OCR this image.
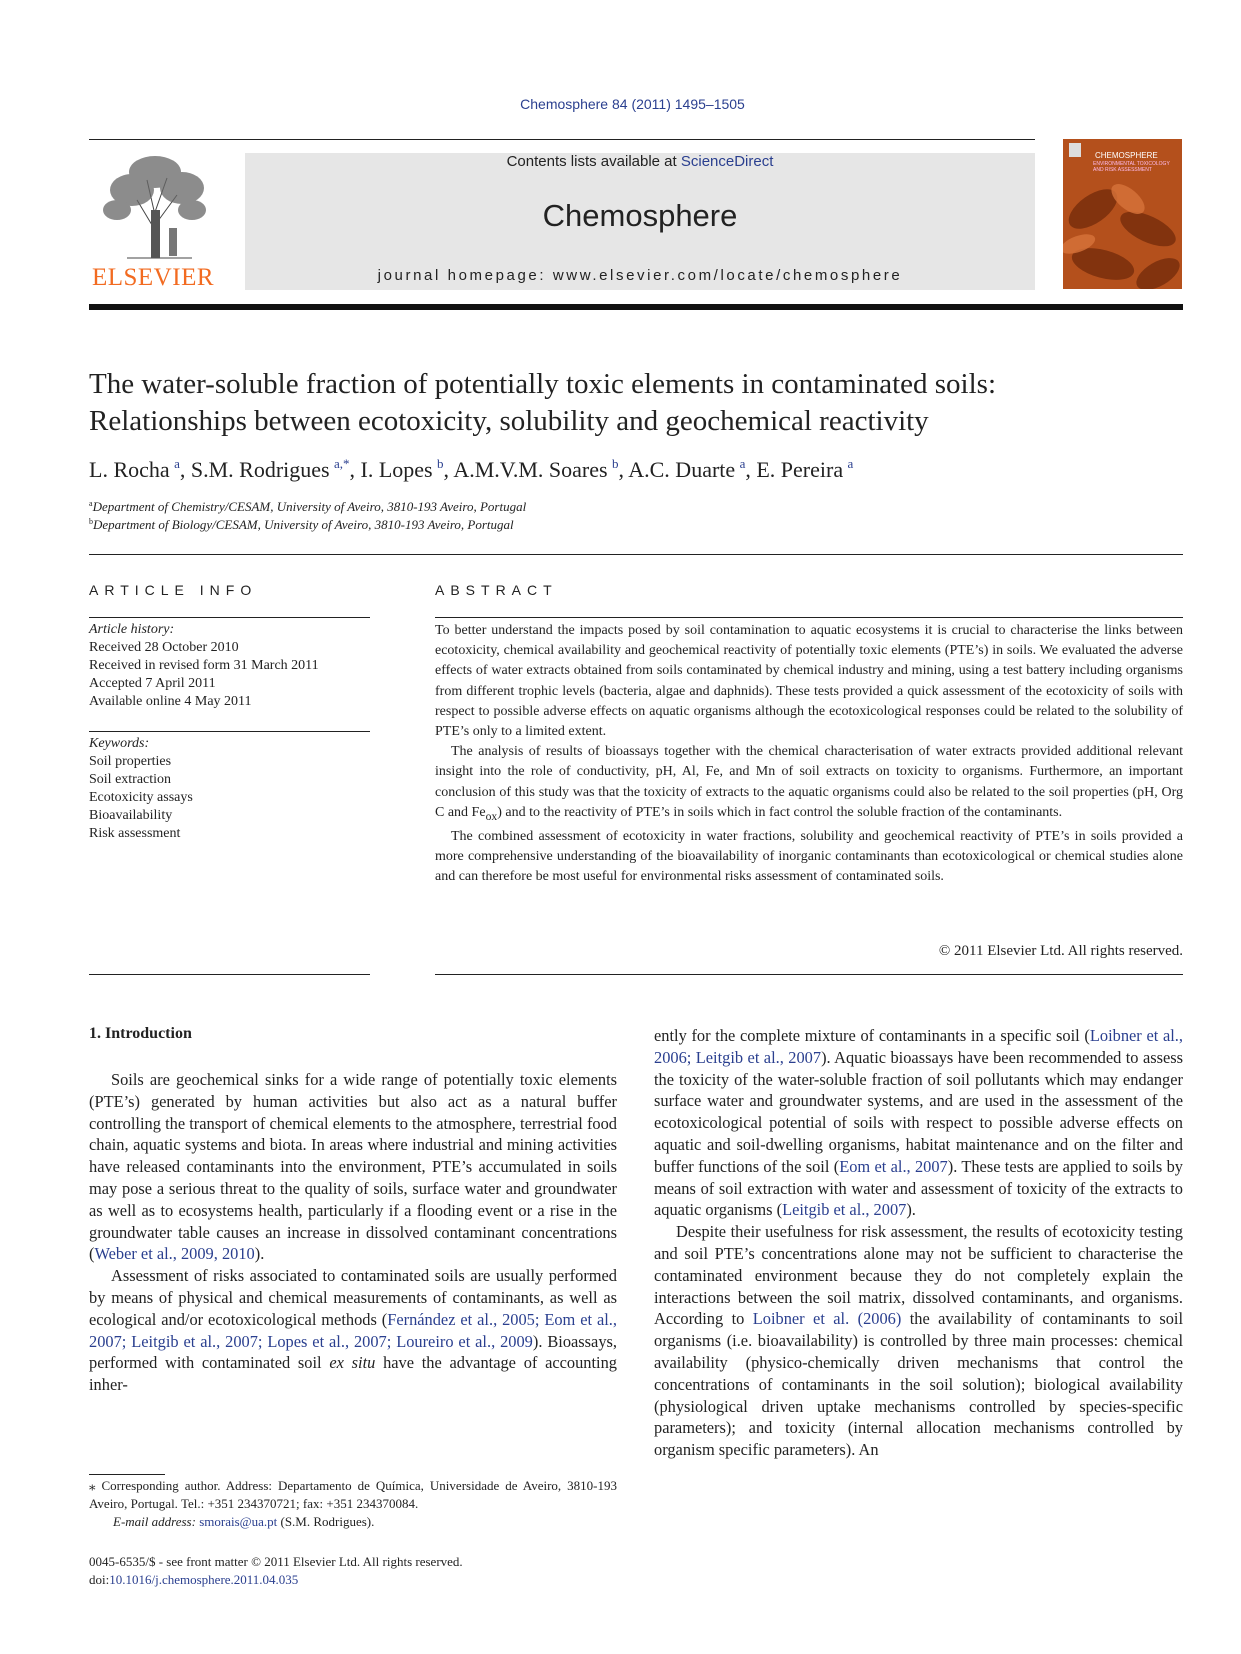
Chemosphere 84 (2011) 1495–1505
ELSEVIER
Contents lists available at ScienceDirect
Chemosphere
journal homepage: www.elsevier.com/locate/chemosphere
CHEMOSPHERE
ENVIRONMENTAL TOXICOLOGY AND RISK ASSESSMENT
The water-soluble fraction of potentially toxic elements in contaminated soils:
Relationships between ecotoxicity, solubility and geochemical reactivity
L. Rocha  $^a$, S.M. Rodrigues  $^{a,*}$, I. Lopes  $^b$, A.M.V.M. Soares  $^b$, A.C. Duarte  $^a$, E. Pereira  $^a$
$^a$Department of Chemistry/CESAM, University of Aveiro, 3810-193 Aveiro, Portugal
$^b$Department of Biology/CESAM, University of Aveiro, 3810-193 Aveiro, Portugal
ARTICLE INFO	ABSTRACT
Article history:
Received 28 October 2010
Received in revised form 31 March 2011
Accepted 7 April 2011
Available online 4 May 2011
Keywords:
Soil properties
Soil extraction
Ecotoxicity assays
Bioavailability
Risk assessment

To better understand the impacts posed by soil contamination to aquatic ecosystems it is crucial to characterise the links between ecotoxicity, chemical availability and geochemical reactivity of potentially toxic elements (PTE’s) in soils. We evaluated the adverse effects of water extracts obtained from soils contaminated by chemical industry and mining, using a test battery including organisms from different trophic levels (bacteria, algae and daphnids). These tests provided a quick assessment of the ecotoxicity of soils with respect to possible adverse effects on aquatic organisms although the ecotoxicological responses could be related to the solubility of PTE’s only to a limited extent.

The analysis of results of bioassays together with the chemical characterisation of water extracts provided additional relevant insight into the role of conductivity, pH, Al, Fe, and Mn of soil extracts on toxicity to organisms. Furthermore, an important conclusion of this study was that the toxicity of extracts to the aquatic organisms could also be related to the soil properties (pH, Org C and $Fe_{ox}$) and to the reactivity of PTE’s in soils which in fact control the soluble fraction of the contaminants.

The combined assessment of ecotoxicity in water fractions, solubility and geochemical reactivity of PTE’s in soils provided a more comprehensive understanding of the bioavailability of inorganic contaminants than ecotoxicological or chemical studies alone and can therefore be most useful for environmental risks assessment of contaminated soils.

© 2011 Elsevier Ltd. All rights reserved.
1. Introduction

Soils are geochemical sinks for a wide range of potentially toxic elements (PTE’s) generated by human activities but also act as a natural buffer controlling the transport of chemical elements to the atmosphere, terrestrial food chain, aquatic systems and biota. In areas where industrial and mining activities have released contaminants into the environment, PTE’s accumulated in soils may pose a serious threat to the quality of soils, surface water and groundwater as well as to ecosystems health, particularly if a flooding event or a rise in the groundwater table causes an increase in dissolved contaminant concentrations (Weber et al., 2009, 2010).

Assessment of risks associated to contaminated soils are usually performed by means of physical and chemical measurements of contaminants, as well as ecological and/or ecotoxicological methods (Fernández et al., 2005; Eom et al., 2007; Leitgib et al., 2007; Lopes et al., 2007; Loureiro et al., 2009). Bioassays, performed with contaminated soil ex situ have the advantage of accounting inher-

ently for the complete mixture of contaminants in a specific soil (Loibner et al., 2006; Leitgib et al., 2007). Aquatic bioassays have been recommended to assess the toxicity of the water-soluble fraction of soil pollutants which may endanger surface water and groundwater systems, and are used in the assessment of the ecotoxicological potential of soils with respect to possible adverse effects on aquatic and soil-dwelling organisms, habitat maintenance and on the filter and buffer functions of the soil (Eom et al., 2007). These tests are applied to soils by means of soil extraction with water and assessment of toxicity of the extracts to aquatic organisms (Leitgib et al., 2007).

Despite their usefulness for risk assessment, the results of ecotoxicity testing and soil PTE’s concentrations alone may not be sufficient to characterise the contaminated environment because they do not completely explain the interactions between the soil matrix, dissolved contaminants, and organisms. According to Loibner et al. (2006) the availability of contaminants to soil organisms (i.e. bioavailability) is controlled by three main processes: chemical availability (physico-chemically driven mechanisms that control the concentrations of contaminants in the soil solution); biological availability (physiological driven uptake mechanisms controlled by species-specific parameters); and toxicity (internal allocation mechanisms controlled by organism specific parameters). An

⁎ Corresponding author. Address: Departamento de Química, Universidade de Aveiro, 3810-193 Aveiro, Portugal. Tel.: +351 234370721; fax: +351 234370084.
E-mail address: smorais@ua.pt (S.M. Rodrigues).
0045-6535/$ - see front matter © 2011 Elsevier Ltd. All rights reserved.
doi:10.1016/j.chemosphere.2011.04.035
